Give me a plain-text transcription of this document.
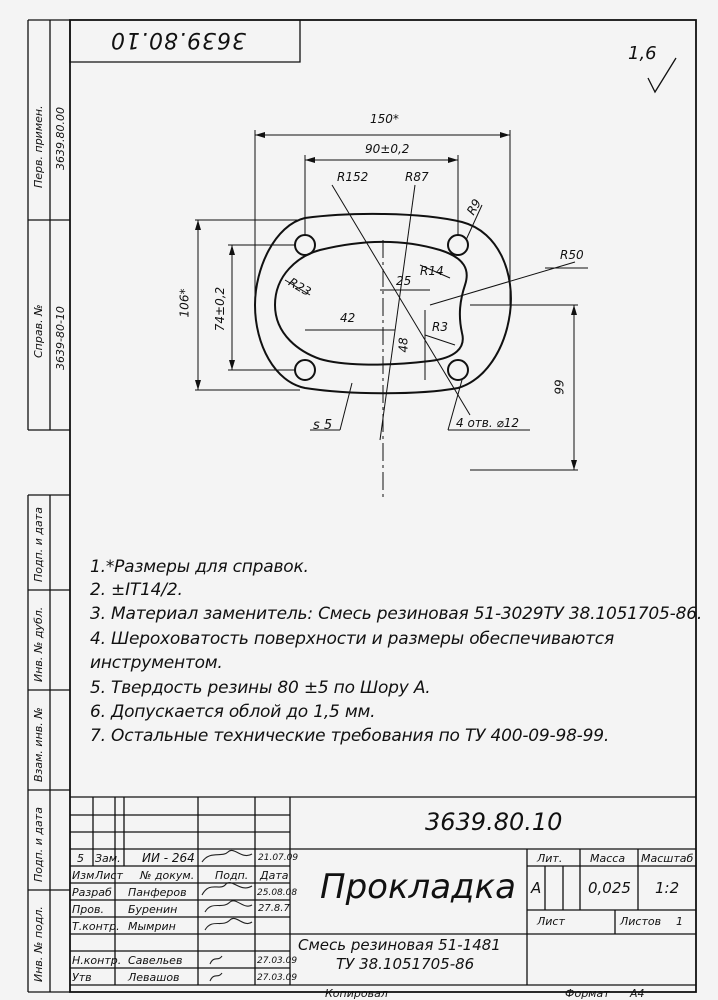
3639.80.10
1,6
Перв. примен. 3639.80.00
Справ. № 3639-80-10
Подп. и дата
Инв. № дубл.
Взам. инв. №
Подп. и дата
Инв. № подл.
150*
90±0,2
R152	R87
R9
R50
R14
25
R23
106* 74±0,2	42
R3
48
99
s 5	4 отв. ⌀12
1.*Размеры для справок.
2. ±IT14/2.
3. Материал заменитель: Смесь резиновая 51-3029ТУ 38.1051705-86.
4. Шероховатость поверхности и размеры обеспечиваются
инструментом.
5. Твердость резины 80 ±5 по Шору А.
6. Допускается облой до 1,5 мм.
7. Остальные технические требования по ТУ 400-09-98-99.
3639.80.10
Прокладка
Смесь резиновая 51-1481
ТУ 38.1051705-86
Лит.	Масса Масштаб
А	0,025 1:2
Лист	Листов 1
5 Зам. ИИ - 264	21.07.09
Изм Лист № докум. Подп. Дата
Разраб Панферов	25.08.08
Пров. Буренин	27.8.7
Т.контр. Мымрин
Н.контр. Савельев	27.03.09
Утв	Левашов	27.03.09
Копировал	Формат А4
